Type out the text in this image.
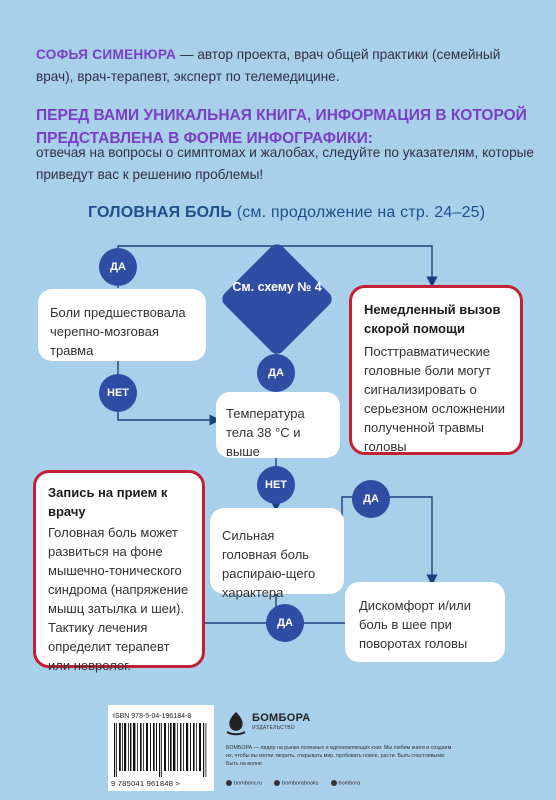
СОФЬЯ СИМЕНЮРА — автор проекта, врач общей практики (семейный врач), врач-терапевт, эксперт по телемедицине.
ПЕРЕД ВАМИ УНИКАЛЬНАЯ КНИГА, ИНФОРМАЦИЯ В КОТОРОЙ ПРЕДСТАВЛЕНА В ФОРМЕ ИНФОГРАФИКИ:
отвечая на вопросы о симптомах и жалобах, следуйте по указателям, которые приведут вас к решению проблемы!
ГОЛОВНАЯ БОЛЬ (см. продолжение на стр. 24–25)
Боли предшествовала черепно-мозговая травма
Температура тела 38 °С и выше
Сильная головная боль распираю-щего характера
Дискомфорт и/или боль в шее при поворотах головы
Немедленный вызов скорой помощи
Посттравматические головные боли могут сигнализировать о серьезном осложнении полученной травмы головы
Запись на прием к врачу
Головная боль может развиться на фоне мышечно-тонического синдрома (напряжение мышц затылка и шеи). Тактику лечения определит терапевт или невролог.
См. схему № 4
ДА
НЕТ
ДА
НЕТ
ДА
ДА
ISBN 978-5-04-196184-8
9 785041 961848 >
БОМБОРА
ИЗДАТЕЛЬСТВО
БОМБОРА — лидер на рынке полезных и вдохновляющих книг. Мы любим книги и создаем их, чтобы вы могли творить, открывать мир, пробовать новое, расти. Быть счастливыми. Быть на волне.
bombora.ru	bomborabooks	bombora
